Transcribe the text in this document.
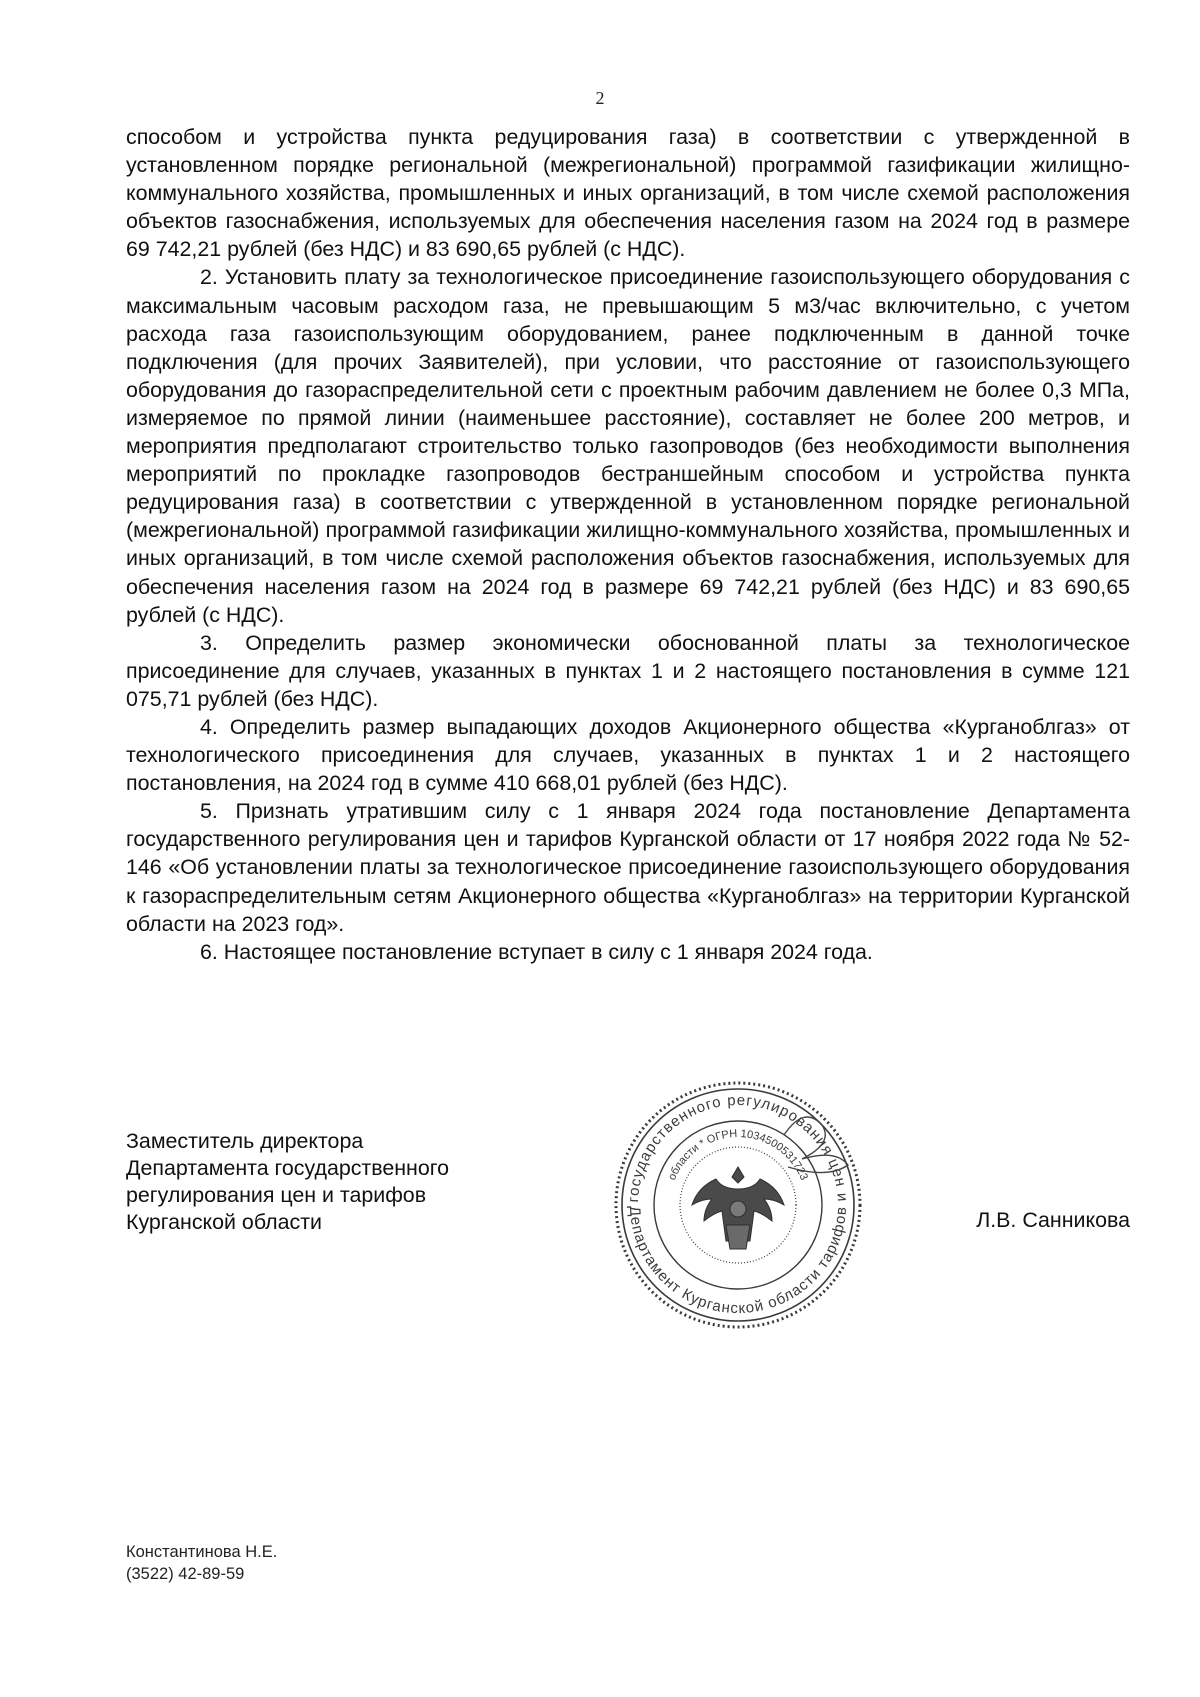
2

способом и устройства пункта редуцирования газа) в соответствии с утвержденной в установленном порядке региональной (межрегиональной) программой газификации жилищно-коммунального хозяйства, промышленных и иных организаций, в том числе схемой расположения объектов газоснабжения, используемых для обеспечения населения газом на 2024 год в размере 69 742,21 рублей (без НДС) и 83 690,65 рублей (с НДС).

2. Установить плату за технологическое присоединение газоиспользующего оборудования с максимальным часовым расходом газа, не превышающим 5 м3/час включительно, с учетом расхода газа газоиспользующим оборудованием, ранее подключенным в данной точке подключения (для прочих Заявителей), при условии, что расстояние от газоиспользующего оборудования до газораспределительной сети с проектным рабочим давлением не более 0,3 МПа, измеряемое по прямой линии (наименьшее расстояние), составляет не более 200 метров, и мероприятия предполагают строительство только газопроводов (без необходимости выполнения мероприятий по прокладке газопроводов бестраншейным способом и устройства пункта редуцирования газа) в соответствии с утвержденной в установленном порядке региональной (межрегиональной) программой газификации жилищно-коммунального хозяйства, промышленных и иных организаций, в том числе схемой расположения объектов газоснабжения, используемых для обеспечения населения газом на 2024 год в размере 69 742,21 рублей (без НДС) и 83 690,65 рублей (с НДС).

3. Определить размер экономически обоснованной платы за технологическое присоединение для случаев, указанных в пунктах 1 и 2 настоящего постановления в сумме 121 075,71 рублей (без НДС).

4. Определить размер выпадающих доходов Акционерного общества «Курганоблгаз» от технологического присоединения для случаев, указанных в пунктах 1 и 2 настоящего постановления, на 2024 год в сумме 410 668,01 рублей (без НДС).

5. Признать утратившим силу с 1 января 2024 года постановление Департамента государственного регулирования цен и тарифов Курганской области от 17 ноября 2022 года № 52-146 «Об установлении платы за технологическое присоединение газоиспользующего оборудования к газораспределительным сетям Акционерного общества «Курганоблгаз» на территории Курганской области на 2023 год».

6. Настоящее постановление вступает в силу с 1 января 2024 года.

Заместитель директора
Департамента государственного
регулирования цен и тарифов
Курганской области
государственного регулирования цен и
Департамент Курганской области тарифов
области * ОГРН 1034500531723
Л.В. Санникова
Константинова Н.Е.
(3522) 42-89-59
